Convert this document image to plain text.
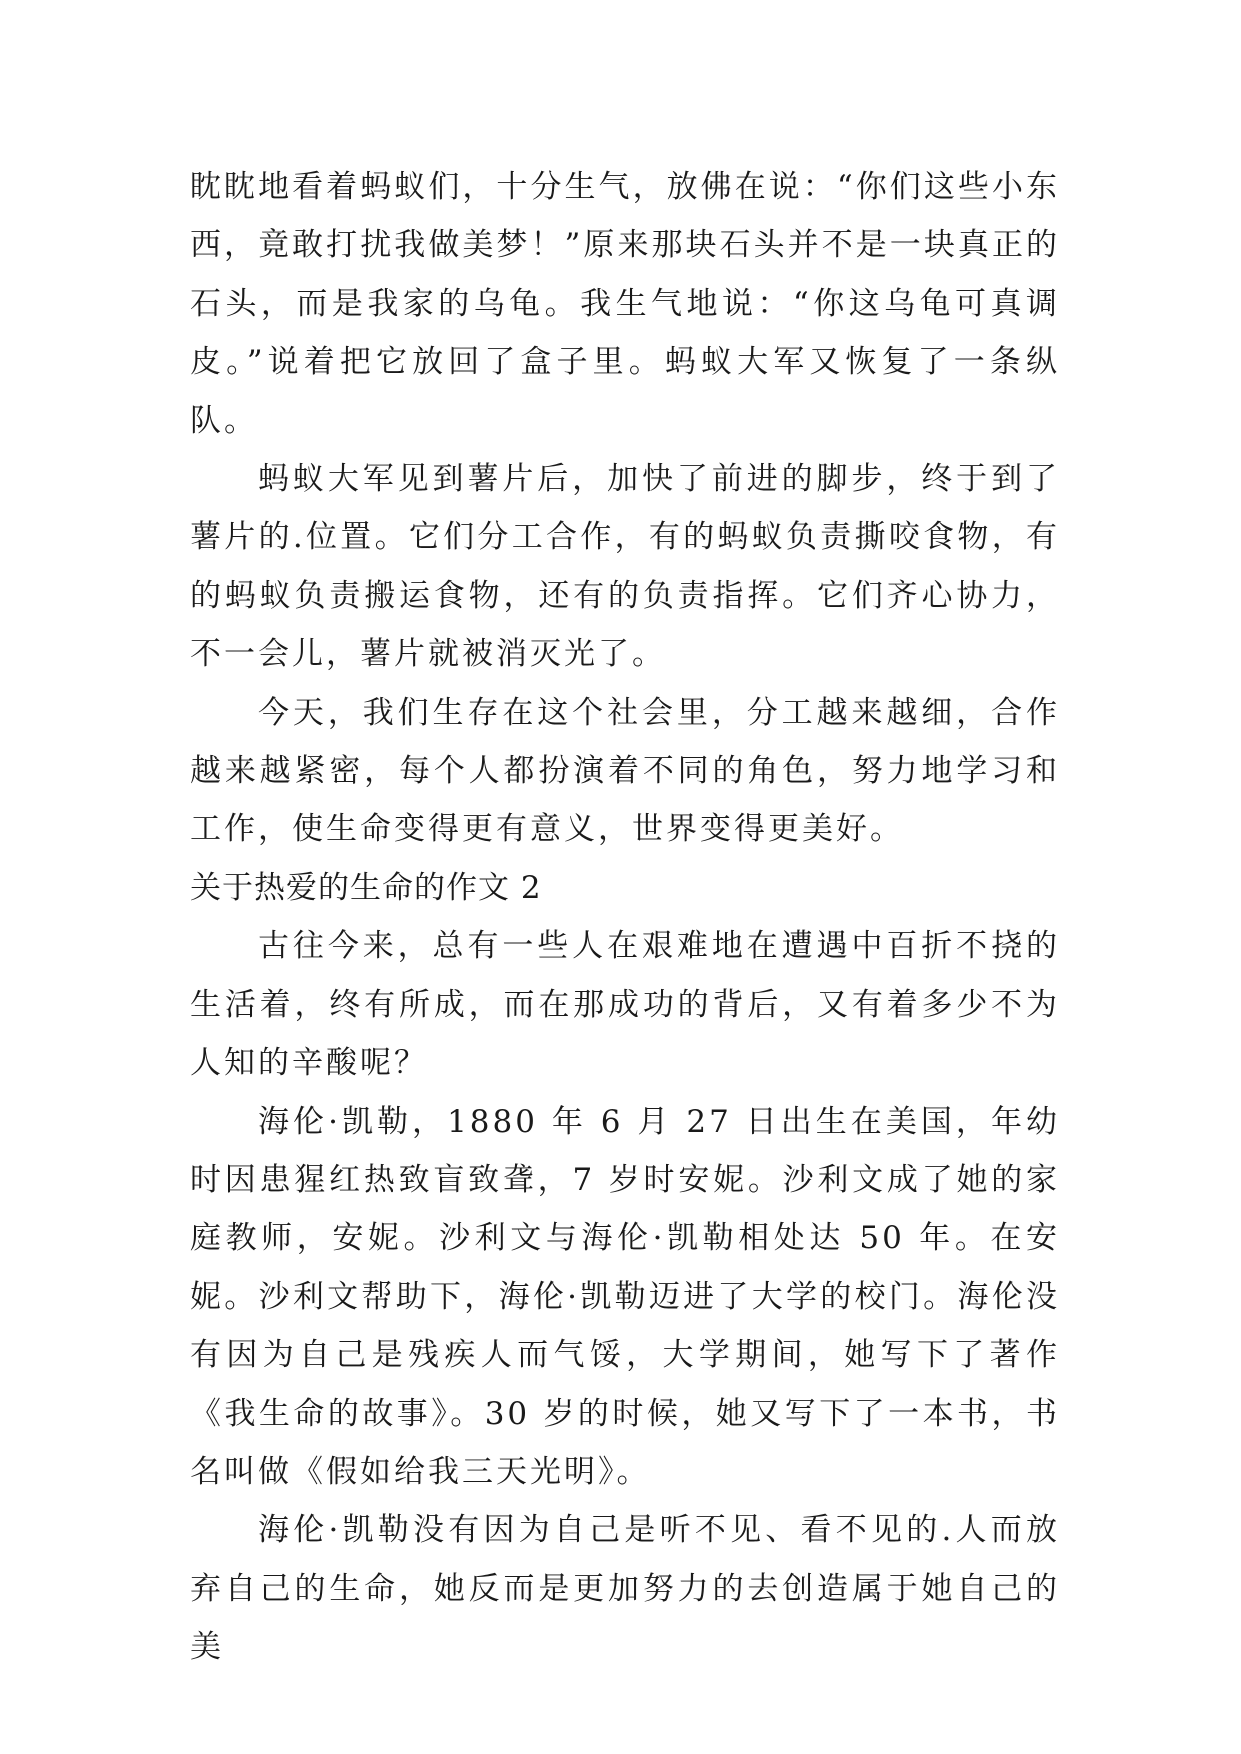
眈眈地看着蚂蚁们，十分生气，放佛在说：“你们这些小东西，竟敢打扰我做美梦！”原来那块石头并不是一块真正的石头，而是我家的乌龟。我生气地说：“你这乌龟可真调皮。”说着把它放回了盒子里。蚂蚁大军又恢复了一条纵队。

蚂蚁大军见到薯片后，加快了前进的脚步，终于到了薯片的.位置。它们分工合作，有的蚂蚁负责撕咬食物，有的蚂蚁负责搬运食物，还有的负责指挥。它们齐心协力，不一会儿，薯片就被消灭光了。

今天，我们生存在这个社会里，分工越来越细，合作越来越紧密，每个人都扮演着不同的角色，努力地学习和工作，使生命变得更有意义，世界变得更美好。

关于热爱的生命的作文 2

古往今来，总有一些人在艰难地在遭遇中百折不挠的生活着，终有所成，而在那成功的背后，又有着多少不为人知的辛酸呢？

海伦·凯勒，1880 年 6 月 27 日出生在美国，年幼时因患猩红热致盲致聋，7 岁时安妮。沙利文成了她的家庭教师，安妮。沙利文与海伦·凯勒相处达 50 年。在安妮。沙利文帮助下，海伦·凯勒迈进了大学的校门。海伦没有因为自己是残疾人而气馁，大学期间，她写下了著作《我生命的故事》。30 岁的时候，她又写下了一本书，书名叫做《假如给我三天光明》。

海伦·凯勒没有因为自己是听不见、看不见的.人而放弃自己的生命，她反而是更加努力的去创造属于她自己的美
